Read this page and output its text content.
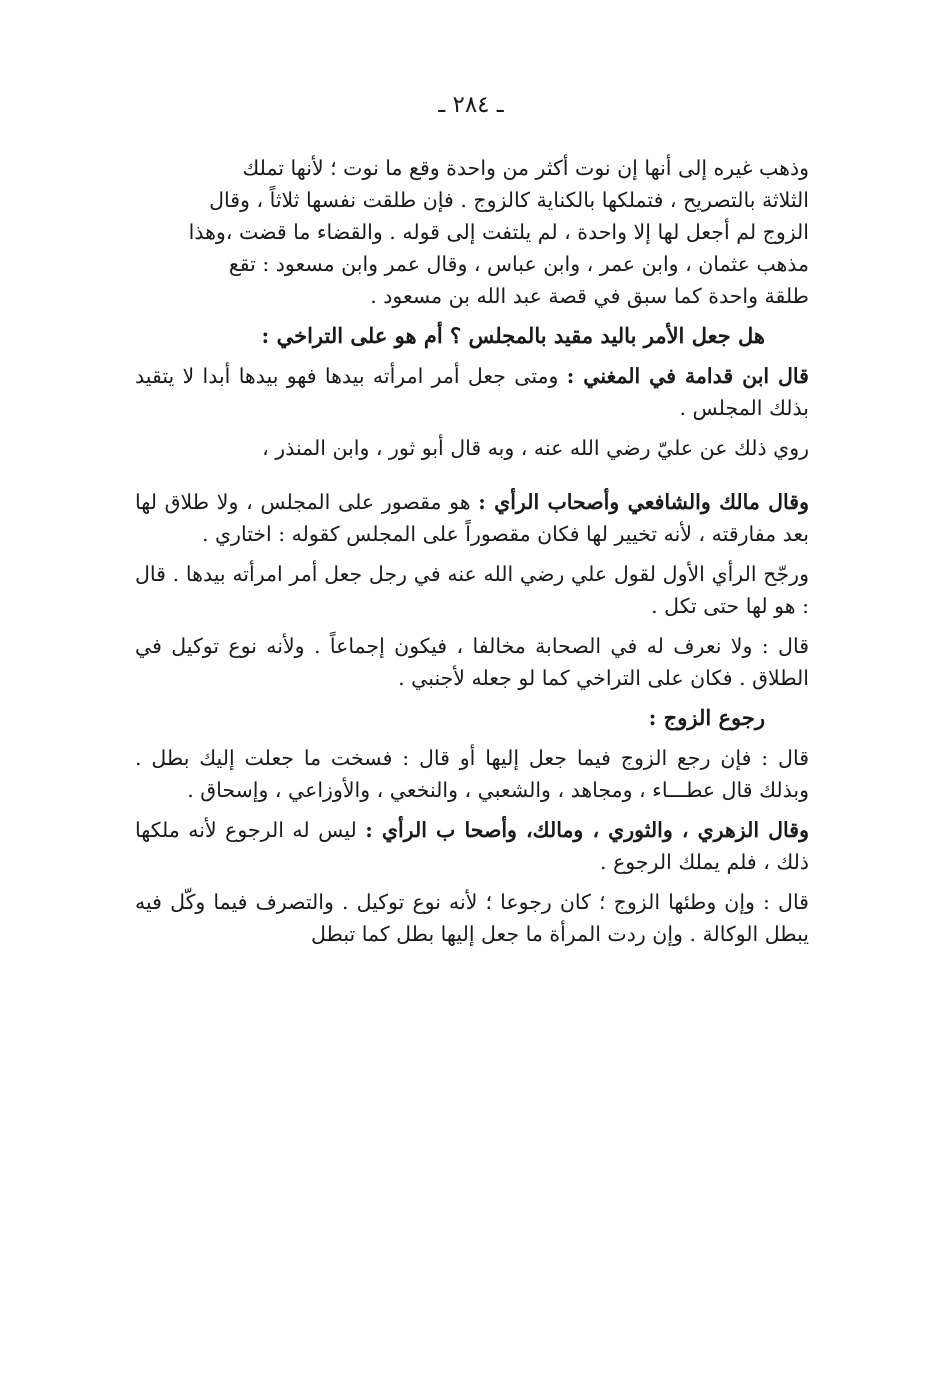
ـ ٢٨٤ ـ

وذهب غيره إلى أنها إن نوت أكثر من واحدة وقع ما نوت ؛ لأنها تملك
الثلاثة بالتصريح ، فتملكها بالكناية كالزوج . فإن طلقت نفسها ثلاثاً ، وقال
الزوج لم أجعل لها إلا واحدة ، لم يلتفت إلى قوله . والقضاء ما قضت ،وهذا
مذهب عثمان ، وابن عمر ، وابن عباس ، وقال عمر وابن مسعود : تقع
طلقة واحدة كما سبق في قصة عبد الله بن مسعود .

هل جعل الأمر باليد مقيد بالمجلس ؟ أم هو على التراخي :

قال ابن قدامة في المغني : ومتى جعل أمر امرأته بيدها فهو بيدها أبدا لا يتقيد بذلك المجلس .

روي ذلك عن عليّ رضي الله عنه ، وبه قال أبو ثور ، وابن المنذر ،

وقال مالك والشافعي وأصحاب الرأي : هو مقصور على المجلس ، ولا طلاق لها بعد مفارقته ، لأنه تخيير لها فكان مقصوراً على المجلس كقوله : اختاري .

ورجّح الرأي الأول لقول علي رضي الله عنه في رجل جعل أمر امرأته بيدها . قال : هو لها حتى تكل .

قال : ولا نعرف له في الصحابة مخالفا ، فيكون إجماعاً . ولأنه نوع توكيل في الطلاق . فكان على التراخي كما لو جعله لأجنبي .

رجوع الزوج :

قال : فإن رجع الزوج فيما جعل إليها أو قال : فسخت ما جعلت إليك بطل . وبذلك قال عطـــاء ، ومجاهد ، والشعبي ، والنخعي ، والأوزاعي ، وإسحاق .

وقال الزهري ، والثوري ، ومالك، وأصحا ب الرأي : ليس له الرجوع لأنه ملكها ذلك ، فلم يملك الرجوع .

قال : وإن وطئها الزوج ؛ كان رجوعا ؛ لأنه نوع توكيل . والتصرف فيما وكّل فيه يبطل الوكالة . وإن ردت المرأة ما جعل إليها بطل كما تبطل
